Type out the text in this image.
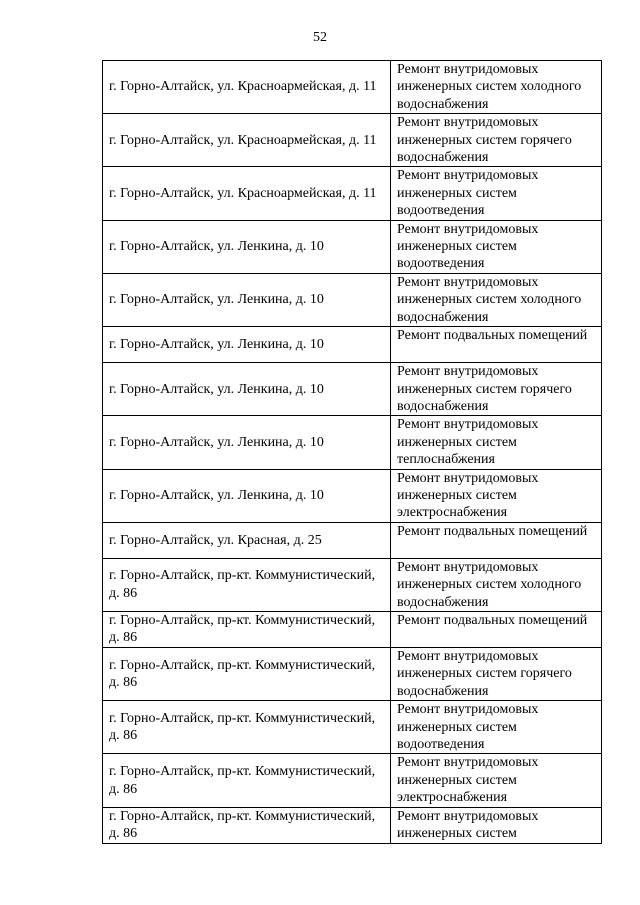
52
г. Горно-Алтайск, ул. Красноармейская, д. 11	Ремонт внутридомовых инженерных систем холодного водоснабжения
г. Горно-Алтайск, ул. Красноармейская, д. 11	Ремонт внутридомовых инженерных систем горячего водоснабжения
г. Горно-Алтайск, ул. Красноармейская, д. 11	Ремонт внутридомовых инженерных систем водоотведения
г. Горно-Алтайск, ул. Ленкина, д. 10	Ремонт внутридомовых инженерных систем водоотведения
г. Горно-Алтайск, ул. Ленкина, д. 10	Ремонт внутридомовых инженерных систем холодного водоснабжения
г. Горно-Алтайск, ул. Ленкина, д. 10	Ремонт подвальных помещений
г. Горно-Алтайск, ул. Ленкина, д. 10	Ремонт внутридомовых инженерных систем горячего водоснабжения
г. Горно-Алтайск, ул. Ленкина, д. 10	Ремонт внутридомовых инженерных систем теплоснабжения
г. Горно-Алтайск, ул. Ленкина, д. 10	Ремонт внутридомовых инженерных систем электроснабжения
г. Горно-Алтайск, ул. Красная, д. 25	Ремонт подвальных помещений
г. Горно-Алтайск, пр-кт. Коммунистический, д. 86	Ремонт внутридомовых инженерных систем холодного водоснабжения
г. Горно-Алтайск, пр-кт. Коммунистический, д. 86	Ремонт подвальных помещений
г. Горно-Алтайск, пр-кт. Коммунистический, д. 86	Ремонт внутридомовых инженерных систем горячего водоснабжения
г. Горно-Алтайск, пр-кт. Коммунистический, д. 86	Ремонт внутридомовых инженерных систем водоотведения
г. Горно-Алтайск, пр-кт. Коммунистический, д. 86	Ремонт внутридомовых инженерных систем электроснабжения
г. Горно-Алтайск, пр-кт. Коммунистический, д. 86	Ремонт внутридомовых инженерных систем
